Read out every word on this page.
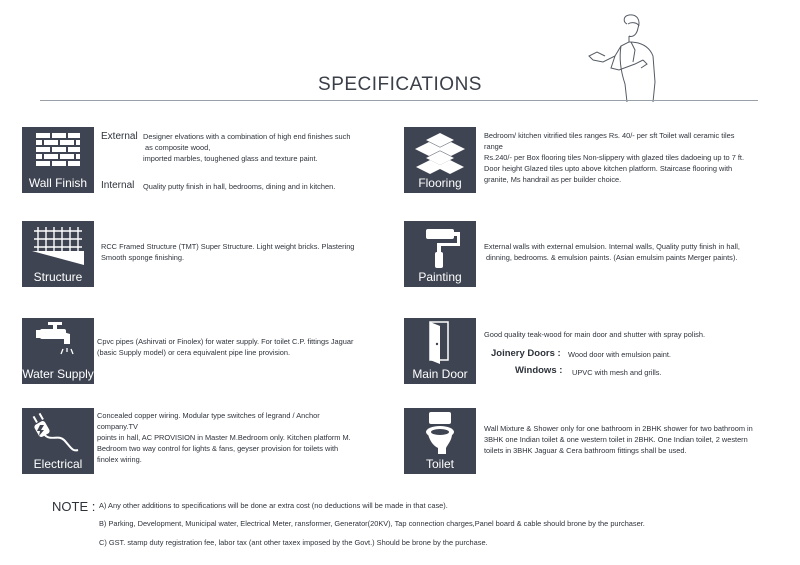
SPECIFICATIONS
Wall Finish
External Designer elvations with a combination of high end finishes such
as composite wood,
imported marbles, toughened glass and texture paint.
Internal Quality putty finish in hall, bedrooms, dining and in kitchen.	Flooring
Bedroom/ kitchen vitrified tiles ranges Rs. 40/- per sft Toilet wall ceramic tiles
range
Rs.240/- per Box flooring tiles Non-slippery with glazed tiles dadoeing up to 7 ft.
Door height Glazed tiles upto above kitchen platform. Staircase flooring with
granite, Ms handrail as per builder choice.
Structure
RCC Framed Structure (TMT) Super Structure. Light weight bricks. Plastering
Smooth sponge finishing.
Painting
External walls with external emulsion. Internal walls, Quality putty finish in hall,
dinning, bedrooms. & emulsion paints. (Asian emulsim paints Merger paints).
Water Supply
Cpvc pipes (Ashirvati or Finolex) for water supply. For toilet C.P. fittings Jaguar
(basic Supply model) or cera equivalent pipe line provision.
Main Door
Good quality teak-wood for main door and shutter with spray polish.
Joinery Doors : Wood door with emulsion paint.
Windows : UPVC with mesh and grills.
Electrical
Concealed copper wiring. Modular type switches of legrand / Anchor
company.TV
points in hall, AC PROVISION in Master M.Bedroom only. Kitchen platform M.
Bedroom two way control for lights & fans, geyser provision for toilets with
finolex wiring.	Toilet
Wall Mixture & Shower only for one bathroom in 2BHK shower for two bathroom in
3BHK one Indian toilet & one western toilet in 2BHK. One Indian toilet, 2 western
toilets in 3BHK Jaguar & Cera bathroom fittings shall be used.
NOTE : A) Any other additions to specifications will be done ar extra cost (no deductions will be made in that case).
B) Parking, Development, Municipal water, Electrical Meter, ransformer, Generator(20KV), Tap connection charges,Panel board & cable should brone by the purchaser.
C) GST. stamp duty registration fee, labor tax (ant other taxex imposed by the Govt.) Should be brone by the purchase.
